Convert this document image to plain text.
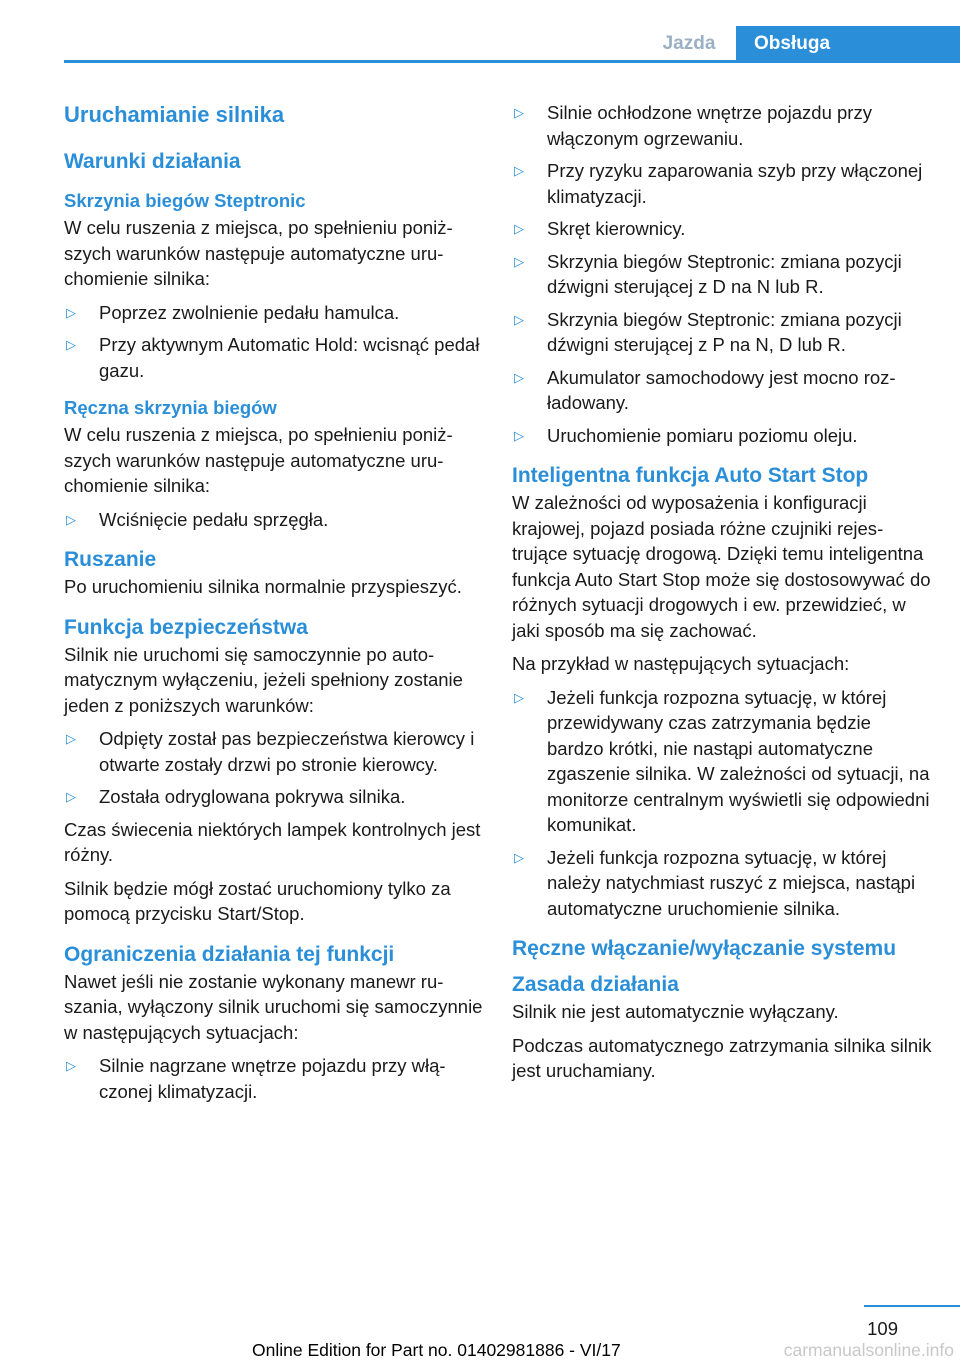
Jazda	Obsługa
Uruchamianie silnika
Warunki działania
Skrzynia biegów Steptronic

W celu ruszenia z miejsca, po spełnieniu poniższych warunków następuje automatyczne uruchomienie silnika:

▷ Poprzez zwolnienie pedału hamulca.
▷ Przy aktywnym Automatic Hold: wcisnąć pedał gazu.
Ręczna skrzynia biegów

W celu ruszenia z miejsca, po spełnieniu poniższych warunków następuje automatyczne uruchomienie silnika:

▷ Wciśnięcie pedału sprzęgła.
Ruszanie

Po uruchomieniu silnika normalnie przyspieszyć.

Funkcja bezpieczeństwa

Silnik nie uruchomi się samoczynnie po automatycznym wyłączeniu, jeżeli spełniony zostanie jeden z poniższych warunków:

▷ Odpięty został pas bezpieczeństwa kierowcy i otwarte zostały drzwi po stronie kierowcy.
▷ Została odryglowana pokrywa silnika.

Czas świecenia niektórych lampek kontrolnych jest różny.

Silnik będzie mógł zostać uruchomiony tylko za pomocą przycisku Start/Stop.

Ograniczenia działania tej funkcji

Nawet jeśli nie zostanie wykonany manewr ruszania, wyłączony silnik uruchomi się samoczynnie w następujących sytuacjach:

▷ Silnie nagrzane wnętrze pojazdu przy włączonej klimatyzacji.
▷ Silnie ochłodzone wnętrze pojazdu przy włączonym ogrzewaniu.
▷ Przy ryzyku zaparowania szyb przy włączonej klimatyzacji.
▷ Skręt kierownicy.
▷ Skrzynia biegów Steptronic: zmiana pozycji dźwigni sterującej z D na N lub R.
▷ Skrzynia biegów Steptronic: zmiana pozycji dźwigni sterującej z P na N, D lub R.
▷ Akumulator samochodowy jest mocno rozładowany.
▷ Uruchomienie pomiaru poziomu oleju.
Inteligentna funkcja Auto Start Stop

W zależności od wyposażenia i konfiguracji krajowej, pojazd posiada różne czujniki rejestrujące sytuację drogową. Dzięki temu inteligentna funkcja Auto Start Stop może się dostosowywać do różnych sytuacji drogowych i ew. przewidzieć, w jaki sposób ma się zachować.

Na przykład w następujących sytuacjach:

▷ Jeżeli funkcja rozpozna sytuację, w której przewidywany czas zatrzymania będzie bardzo krótki, nie nastąpi automatyczne zgaszenie silnika. W zależności od sytuacji, na monitorze centralnym wyświetli się odpowiedni komunikat.
▷ Jeżeli funkcja rozpozna sytuację, w której należy natychmiast ruszyć z miejsca, nastąpi automatyczne uruchomienie silnika.
Ręczne włączanie/wyłączanie systemu
Zasada działania

Silnik nie jest automatycznie wyłączany.

Podczas automatycznego zatrzymania silnika silnik jest uruchamiany.

109
Online Edition for Part no. 01402981886 - VI/17	carmanualsonline.info
